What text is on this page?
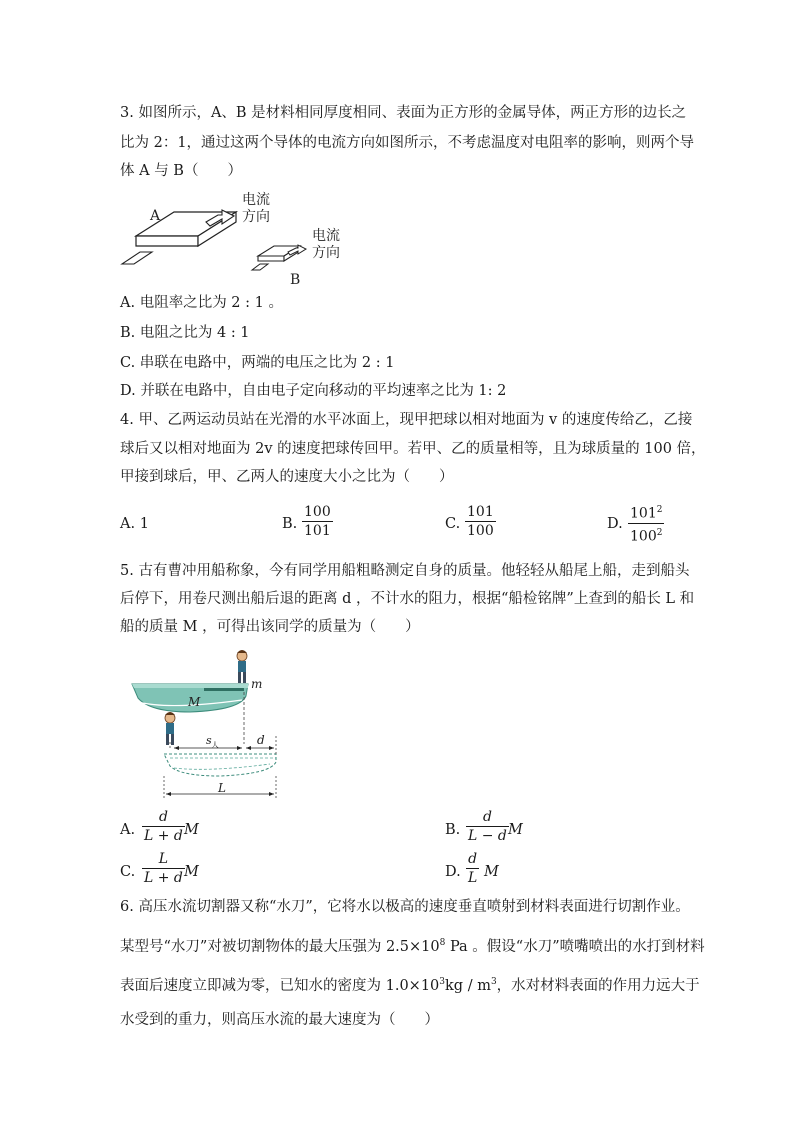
3. 如图所示，A、B 是材料相同厚度相同、表面为正方形的金属导体，两正方形的边长之
比为 2：1，通过这两个导体的电流方向如图所示，不考虑温度对电阻率的影响，则两个导
体 A 与 B（　　）
A
电流
方向
电流
方向
B
A. 电阻率之比为 2 : 1 。
B. 电阻之比为 4 : 1
C. 串联在电路中，两端的电压之比为 2 : 1
D. 并联在电路中，自由电子定向移动的平均速率之比为 1: 2
4. 甲、乙两运动员站在光滑的水平冰面上，现甲把球以相对地面为 v 的速度传给乙，乙接
球后又以相对地面为 2v 的速度把球传回甲。若甲、乙的质量相等，且为球质量的 100 倍，
甲接到球后，甲、乙两人的速度大小之比为（　　）
A. 1	B.
100
101	C.
101
100	D.
$101^2$
$100^2$
5. 古有曹冲用船称象，今有同学用船粗略测定自身的质量。他轻轻从船尾上船，走到船头
后停下，用卷尺测出船后退的距离 d ，不计水的阻力，根据“船检铭牌”上查到的船长 L 和
船的质量 M ，可得出该同学的质量为（　　）
m
M
$s_人$	d
L
A.
d
L + d M	B.
d
L − d M
C.
L
L + d M	D.
d
L M
6. 高压水流切割器又称“水刀”，它将水以极高的速度垂直喷射到材料表面进行切割作业。
某型号“水刀”对被切割物体的最大压强为 $2.5\times 10^8$ Pa 。假设“水刀”喷嘴喷出的水打到材料
表面后速度立即减为零，已知水的密度为 $1.0\times 10^3kg / m^3$，水对材料表面的作用力远大于
水受到的重力，则高压水流的最大速度为（　　）
